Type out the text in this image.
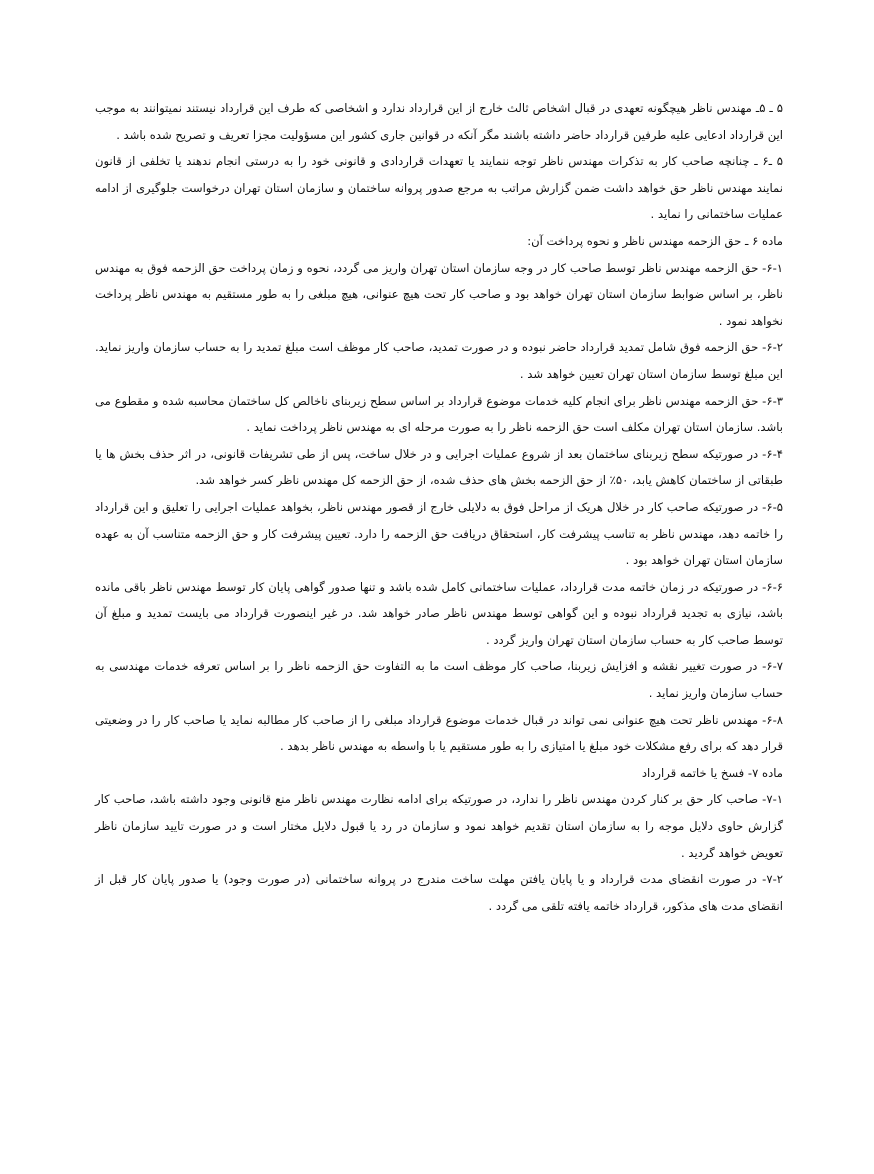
۵ ـ ۵ـ مهندس ناظر هیچگونه تعهدی در قبال اشخاص ثالث خارج از این قرارداد ندارد و اشخاصی که طرف این قرارداد نیستند نمیتوانند به موجب این قرارداد ادعایی علیه طرفین قرارداد حاضر داشته باشند مگر آنکه در قوانین جاری کشور این مسؤولیت مجزا تعریف و تصریح شده باشد .

۵ ـ۶ ـ چنانچه صاحب کار به تذکرات مهندس ناظر توجه ننمایند یا تعهدات قراردادی و قانونی خود را به درستی انجام ندهند یا تخلفی از قانون نمایند مهندس ناظر حق خواهد داشت ضمن گزارش مراتب به مرجع صدور پروانه ساختمان و سازمان استان تهران درخواست جلوگیری از ادامه عملیات ساختمانی را نماید .

ماده ۶ ـ حق الزحمه مهندس ناظر و نحوه پرداخت آن:

۶-۱- حق الزحمه مهندس ناظر توسط صاحب کار در وجه سازمان استان تهران واریز می گردد، نحوه و زمان پرداخت حق الزحمه فوق به مهندس ناظر، بر اساس ضوابط سازمان استان تهران خواهد بود و صاحب کار تحت هیچ عنوانی، هیچ مبلغی را به طور مستقیم به مهندس ناظر پرداخت نخواهد نمود .

۶-۲- حق الزحمه فوق شامل تمدید قرارداد حاضر نبوده و در صورت تمدید، صاحب کار موظف است مبلغ تمدید را به حساب سازمان واریز نماید. این مبلغ توسط سازمان استان تهران تعیین خواهد شد .

۶-۳- حق الزحمه مهندس ناظر برای انجام کلیه خدمات موضوع قرارداد بر اساس سطح زیربنای ناخالص کل ساختمان محاسبه شده و مقطوع می باشد. سازمان استان تهران مکلف است حق الزحمه ناظر را به صورت مرحله ای به مهندس ناظر پرداخت نماید .

۶-۴- در صورتیکه سطح زیربنای ساختمان بعد از شروع عملیات اجرایی و در خلال ساخت، پس از طی تشریفات قانونی، در اثر حذف بخش ها یا طبقاتی از ساختمان کاهش یابد، ۵۰٪ از حق الزحمه بخش های حذف شده، از حق الزحمه کل مهندس ناظر کسر خواهد شد.

۶-۵- در صورتیکه صاحب کار در خلال هریک از مراحل فوق به دلایلی خارج از قصور مهندس ناظر، بخواهد عملیات اجرایی را تعلیق و این قرارداد را خاتمه دهد، مهندس ناظر به تناسب پیشرفت کار، استحقاق دریافت حق الزحمه را دارد. تعیین پیشرفت کار و حق الزحمه متناسب آن به عهده سازمان استان تهران خواهد بود .

۶-۶- در صورتیکه در زمان خاتمه مدت قرارداد، عملیات ساختمانی کامل شده باشد و تنها صدور گواهی پایان کار توسط مهندس ناظر باقی مانده باشد، نیازی به تجدید قرارداد نبوده و این گواهی توسط مهندس ناظر صادر خواهد شد. در غیر اینصورت قرارداد می بایست تمدید و مبلغ آن توسط صاحب کار به حساب سازمان استان تهران واریز گردد .

۶-۷- در صورت تغییر نقشه و افزایش زیربنا، صاحب کار موظف است ما به التفاوت حق الزحمه ناظر را بر اساس تعرفه خدمات مهندسی به حساب سازمان واریز نماید .

۶-۸- مهندس ناظر تحت هیچ عنوانی نمی تواند در قبال خدمات موضوع قرارداد مبلغی را از صاحب کار مطالبه نماید یا صاحب کار را در وضعیتی قرار دهد که برای رفع مشکلات خود مبلغ یا امتیازی را به طور مستقیم یا با واسطه به مهندس ناظر بدهد .

ماده ۷- فسخ یا خاتمه قرارداد

۷-۱- صاحب کار حق بر کنار کردن مهندس ناظر را ندارد، در صورتیکه برای ادامه نظارت مهندس ناظر منع قانونی وجود داشته باشد، صاحب کار گزارش حاوی دلایل موجه را به سازمان استان تقدیم خواهد نمود و سازمان در رد یا قبول دلایل مختار است و در صورت تایید سازمان ناظر تعویض خواهد گردید .

۷-۲- در صورت انقضای مدت قرارداد و یا پایان یافتن مهلت ساخت مندرج در پروانه ساختمانی (در صورت وجود) یا صدور پایان کار قبل از انقضای مدت های مذکور، قرارداد خاتمه یافته تلقی می گردد .
